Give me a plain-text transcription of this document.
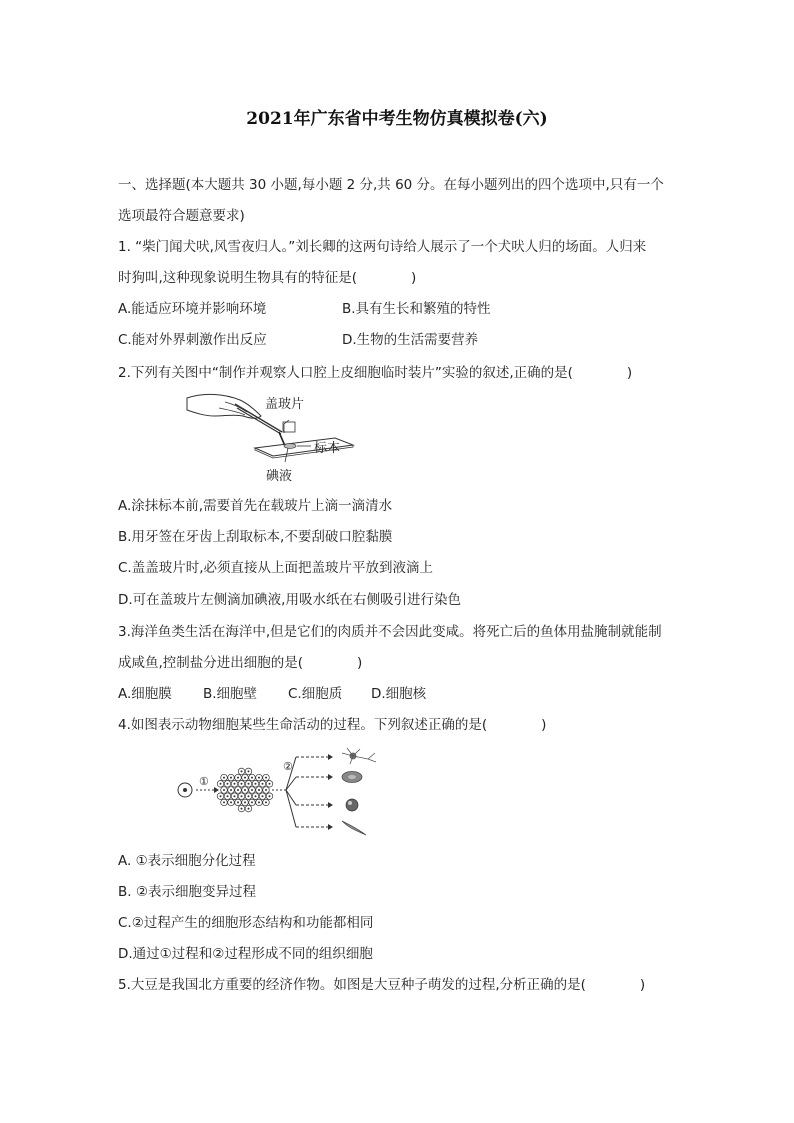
2021年广东省中考生物仿真模拟卷(六)
一、选择题(本大题共 30 小题,每小题 2 分,共 60 分。在每小题列出的四个选项中,只有一个
选项最符合题意要求)
1. “柴门闻犬吠,风雪夜归人。”刘长卿的这两句诗给人展示了一个犬吠人归的场面。人归来
时狗叫,这种现象说明生物具有的特征是(　　　　)
A.能适应环境并影响环境	B.具有生长和繁殖的特性
C.能对外界刺激作出反应	D.生物的生活需要营养
2.下列有关图中“制作并观察人口腔上皮细胞临时装片”实验的叙述,正确的是(　　　　)
盖玻片
标本
碘液
A.涂抹标本前,需要首先在载玻片上滴一滴清水
B.用牙签在牙齿上刮取标本,不要刮破口腔黏膜
C.盖盖玻片时,必须直接从上面把盖玻片平放到液滴上
D.可在盖玻片左侧滴加碘液,用吸水纸在右侧吸引进行染色
3.海洋鱼类生活在海洋中,但是它们的肉质并不会因此变咸。将死亡后的鱼体用盐腌制就能制
成咸鱼,控制盐分进出细胞的是(　　　　)
A.细胞膜 B.细胞壁 C.细胞质 D.细胞核
4.如图表示动物细胞某些生命活动的过程。下列叙述正确的是(　　　　)
①
②
A. ①表示细胞分化过程
B. ②表示细胞变异过程
C.②过程产生的细胞形态结构和功能都相同
D.通过①过程和②过程形成不同的组织细胞
5.大豆是我国北方重要的经济作物。如图是大豆种子萌发的过程,分析正确的是(　　　　)
